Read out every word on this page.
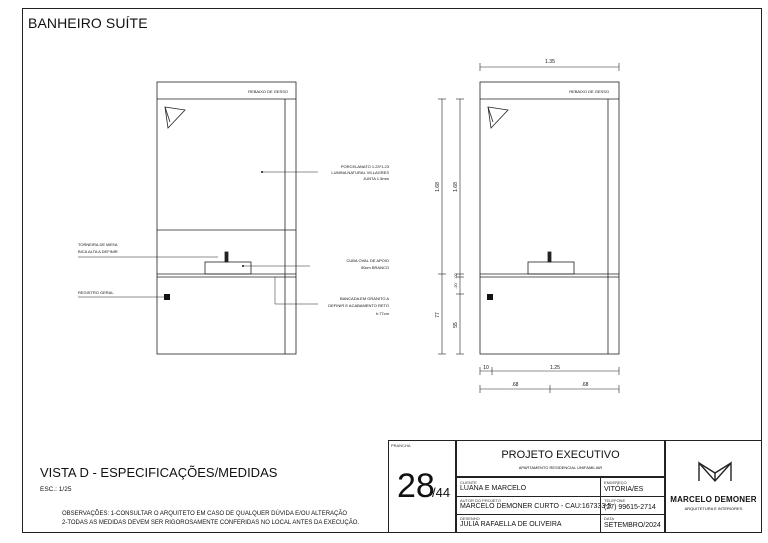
BANHEIRO SUÍTE
REBAIXO DE GESSO
PORCELANATO 1.23*1.23
LUMINA NATURAL VILLAGRES
JUNTA 1.5mm
TORNEIRA DE MESA
BICA ALTA A DEFINIR
CUBA OVAL DE APOIO
50cm BRANCO
REGISTRO GERAL
BANCADA EM GRANITO A
DEFINIR E ACABAMENTO RETO
h:77cm
REBAIXO DE GESSO
1.35
1.68 1.68
.02
.20
77
55
10	1.25
.68	.68
VISTA D - ESPECIFICAÇÕES/MEDIDAS
ESC.: 1/25
OBSERVAÇÕES: 1-CONSULTAR O ARQUITETO EM CASO DE QUALQUER DÚVIDA E/OU ALTERAÇÃO
2-TODAS AS MEDIDAS DEVEM SER RIGOROSAMENTE CONFERIDAS NO LOCAL ANTES DA EXECUÇÃO.
PRANCHA
28
/44
PROJETO EXECUTIVO
APARTAMENTO RESIDENCIAL UNIFAMILIAR
CLIENTE
LUANA E MARCELO
AUTOR DO PROJETO
MARCELO DEMONER CURTO - CAU:167333-5
DESENHO
JULIA RAFAELLA DE OLIVEIRA
ENDEREÇO
VITÓRIA/ES
TELEFONE
(27) 99615-2714
DATA
SETEMBRO/2024
MARCELO DEMONER
ARQUITETURA E INTERIORES
